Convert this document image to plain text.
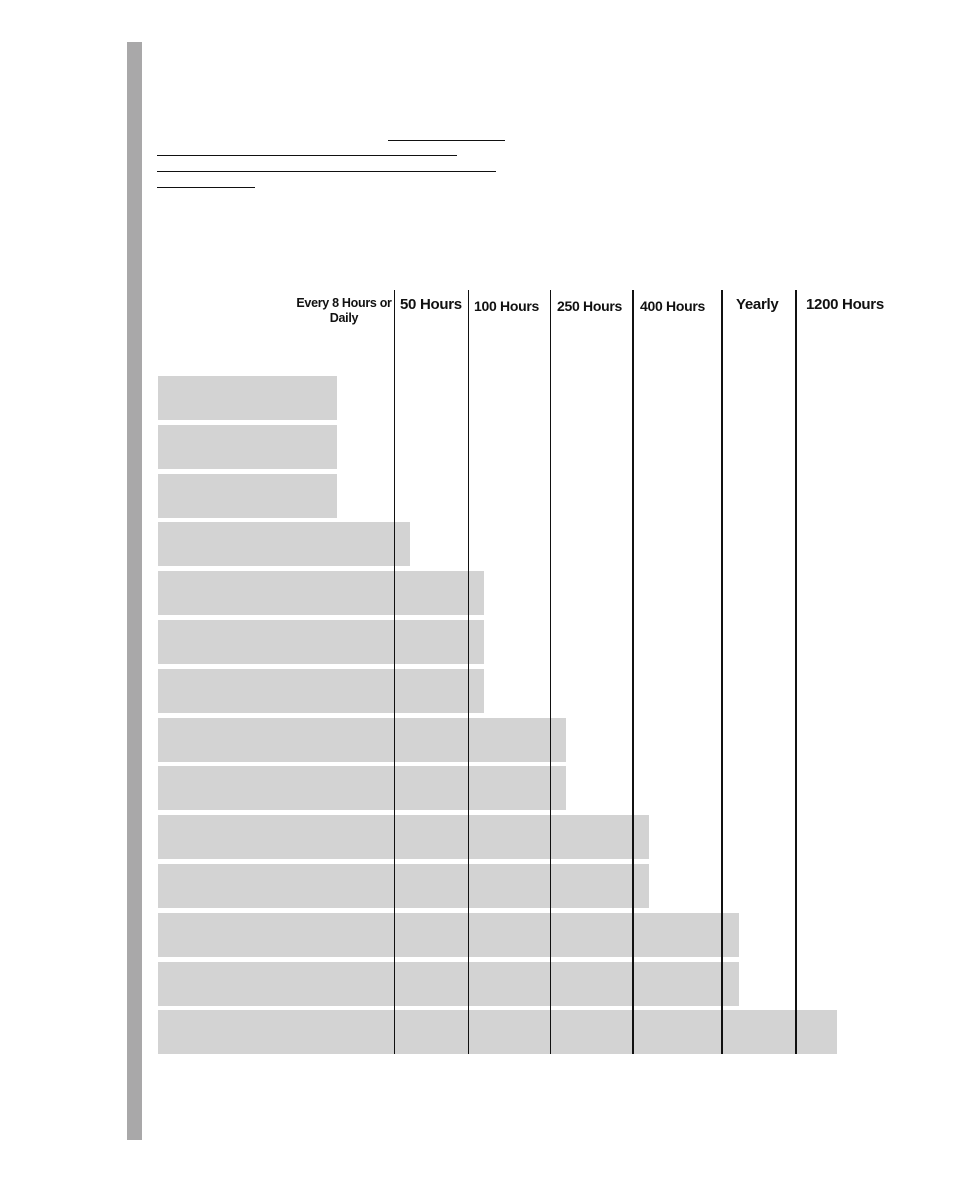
Every 8 Hours or Daily
50 Hours 100 Hours 250 Hours 400 Hours Yearly 1200 Hours
